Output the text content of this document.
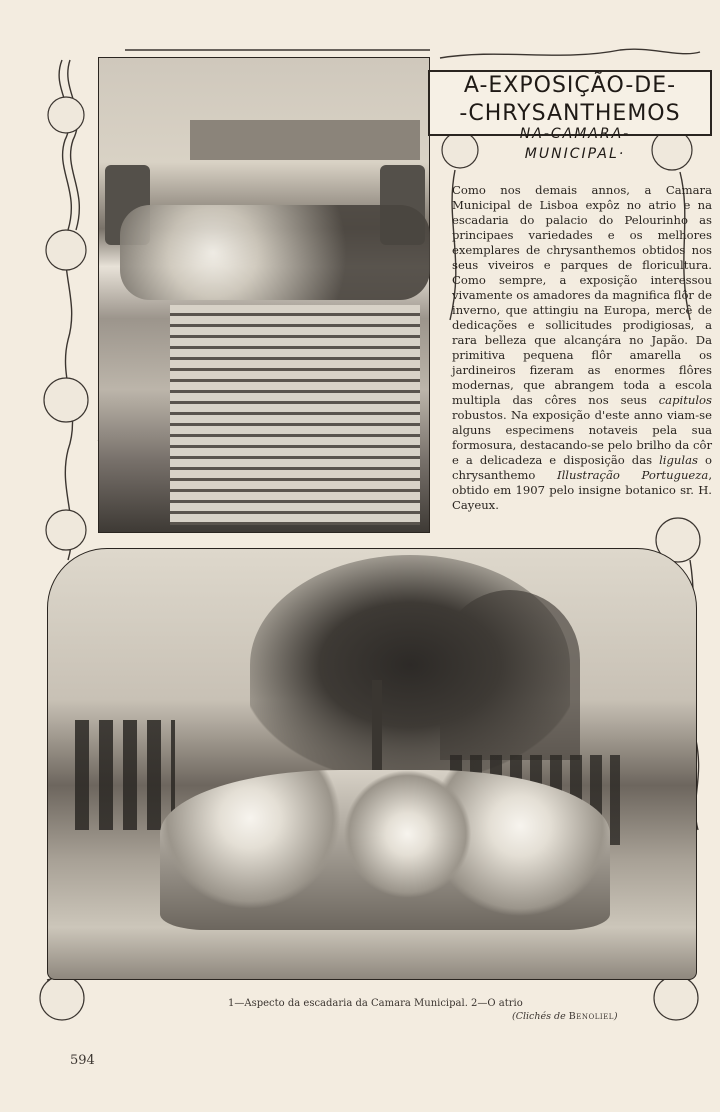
A-EXPOSIÇÃO-DE-
-CHRYSANTHEMOS
NA-CAMARA-
MUNICIPAL·
Como nos demais annos, a Camara Municipal de Lisboa expôz no atrio e na escadaria do palacio do Pelourinho as principaes variedades e os melhores exemplares de chrysanthemos obtidos nos seus viveiros e parques de floricultura. Como sempre, a exposição interessou vivamente os amadores da magnifica flôr de inverno, que attingiu na Europa, mercê de dedicações e sollicitudes prodigiosas, a rara belleza que alcançára no Japão. Da primitiva pequena flôr amarella os jardineiros fizeram as enormes flôres modernas, que abrangem toda a escola multipla das côres nos seus capitulos robustos. Na exposição d'este anno viam-se alguns especimens notaveis pela sua formosura, destacando-se pelo brilho da côr e a delicadeza e disposição das ligulas o chrysanthemo Illustração Portugueza, obtido em 1907 pelo insigne botanico sr. H. Cayeux.
1—Aspecto da escadaria da Camara Municipal. 2—O atrio
(Clichés de Benoliel)
594
